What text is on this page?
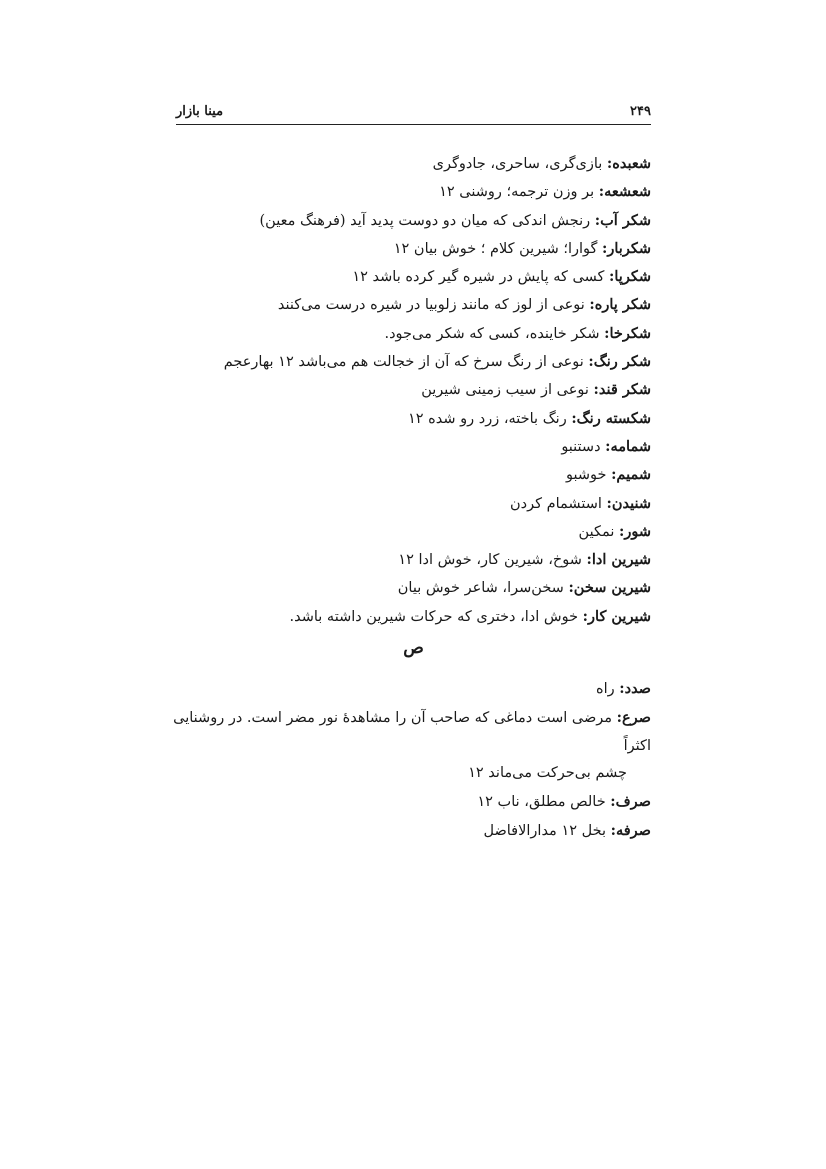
۲۴۹
مینا بازار
شعبده: بازی‌گری، ساحری، جادوگری
شعشعه: بر وزن ترجمه؛ روشنی ۱۲
شکر آب: رنجش اندکی که میان دو دوست پدید آید (فرهنگ معین)
شکربار: گوارا؛ شیرین کلام ؛ خوش بیان ۱۲
شکرپا: کسی که پایش در شیره گیر کرده باشد ۱۲
شکر پاره: نوعی از لوز که مانند زلوبیا در شیره درست می‌کنند
شکرخا: شکر خاینده، کسی که شکر می‌جود.
شکر رنگ: نوعی از رنگ سرخ که آن از خجالت هم می‌باشد ۱۲ بهارعجم
شکر قند: نوعی از سیب زمینی شیرین
شکسته رنگ: رنگ باخته، زرد رو شده ۱۲
شمامه: دستنبو
شمیم: خوشبو
شنیدن: استشمام کردن
شور: نمکین
شیرین ادا: شوخ، شیرین کار، خوش ادا ۱۲
شیرین سخن: سخن‌سرا، شاعر خوش بیان
شیرین کار: خوش ادا، دختری که حرکات شیرین داشته باشد.
ص
صدد: راه
صرع: مرضی است دماغی که صاحب آن را مشاهدهٔ نور مضر است. در روشنایی اکثراً
چشم بی‌حرکت می‌ماند ۱۲
صرف: خالص مطلق، ناب ۱۲
صرفه: بخل ۱۲ مدارالافاضل
